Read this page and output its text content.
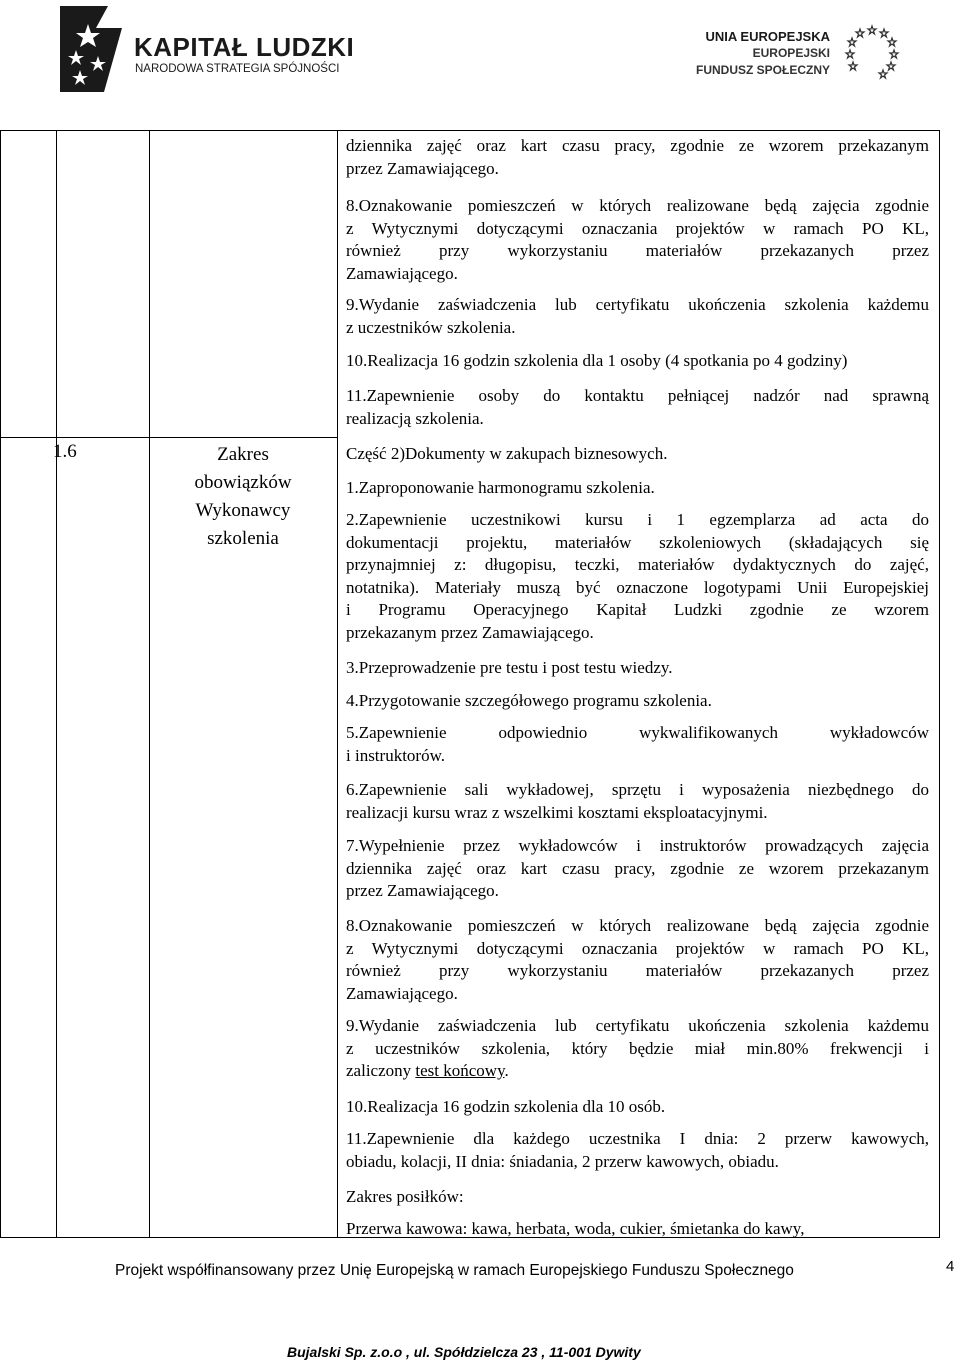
KAPITAŁ LUDZKI
NARODOWA STRATEGIA SPÓJNOŚCI
UNIA EUROPEJSKA
EUROPEJSKI
FUNDUSZ SPOŁECZNY
1.6	Zakres
obowiązków
Wykonawcy
szkolenia
dziennika zajęć oraz kart czasu pracy, zgodnie ze wzorem przekazanym
przez Zamawiającego.
8.Oznakowanie pomieszczeń w których realizowane będą zajęcia zgodnie
z Wytycznymi dotyczącymi oznaczania projektów w ramach PO KL,
również przy wykorzystaniu materiałów przekazanych przez
Zamawiającego.
9.Wydanie zaświadczenia lub certyfikatu ukończenia szkolenia każdemu
z uczestników szkolenia.
10.Realizacja 16 godzin szkolenia dla 1 osoby (4 spotkania po 4 godziny)
11.Zapewnienie osoby do kontaktu pełniącej nadzór nad sprawną
realizacją szkolenia.
Część 2)Dokumenty w zakupach biznesowych.
1.Zaproponowanie harmonogramu szkolenia.
2.Zapewnienie uczestnikowi kursu i 1 egzemplarza ad acta do
dokumentacji projektu, materiałów szkoleniowych (składających się
przynajmniej z: długopisu, teczki, materiałów dydaktycznych do zajęć,
notatnika). Materiały muszą być oznaczone logotypami Unii Europejskiej
i Programu Operacyjnego Kapitał Ludzki zgodnie ze wzorem
przekazanym przez Zamawiającego.
3.Przeprowadzenie pre testu i post testu wiedzy.
4.Przygotowanie szczegółowego programu szkolenia.
5.Zapewnienie odpowiednio wykwalifikowanych wykładowców
i instruktorów.
6.Zapewnienie sali wykładowej, sprzętu i wyposażenia niezbędnego do
realizacji kursu wraz z wszelkimi kosztami eksploatacyjnymi.
7.Wypełnienie przez wykładowców i instruktorów prowadzących zajęcia
dziennika zajęć oraz kart czasu pracy, zgodnie ze wzorem przekazanym
przez Zamawiającego.
8.Oznakowanie pomieszczeń w których realizowane będą zajęcia zgodnie
z Wytycznymi dotyczącymi oznaczania projektów w ramach PO KL,
również przy wykorzystaniu materiałów przekazanych przez
Zamawiającego.
9.Wydanie zaświadczenia lub certyfikatu ukończenia szkolenia każdemu
z uczestników szkolenia, który będzie miał min.80% frekwencji i
zaliczony test końcowy.
10.Realizacja 16 godzin szkolenia dla 10 osób.
11.Zapewnienie dla każdego uczestnika I dnia: 2 przerw kawowych,
obiadu, kolacji, II dnia: śniadania, 2 przerw kawowych, obiadu.
Zakres posiłków:
Przerwa kawowa: kawa, herbata, woda, cukier, śmietanka do kawy,
Projekt współfinansowany przez Unię Europejską w ramach Europejskiego Funduszu Społecznego	4
Bujalski Sp. z.o.o , ul. Spółdzielcza 23 , 11-001 Dywity
